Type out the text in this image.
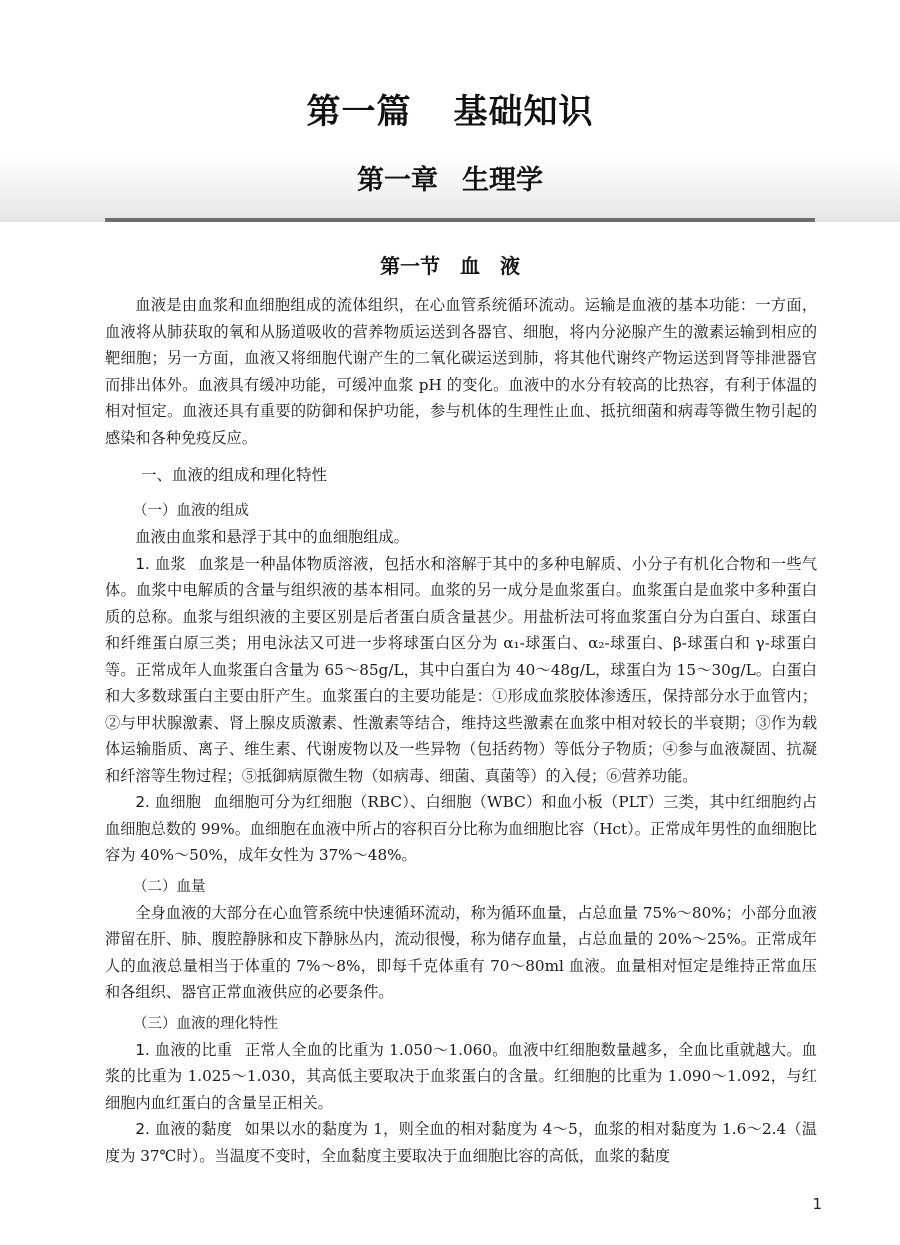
第一篇 基础知识
第一章 生理学
第一节 血　液

血液是由血浆和血细胞组成的流体组织，在心血管系统循环流动。运输是血液的基本功能：一方面，血液将从肺获取的氧和从肠道吸收的营养物质运送到各器官、细胞，将内分泌腺产生的激素运输到相应的靶细胞；另一方面，血液又将细胞代谢产生的二氧化碳运送到肺，将其他代谢终产物运送到肾等排泄器官而排出体外。血液具有缓冲功能，可缓冲血浆 pH 的变化。血液中的水分有较高的比热容，有利于体温的相对恒定。血液还具有重要的防御和保护功能，参与机体的生理性止血、抵抗细菌和病毒等微生物引起的感染和各种免疫反应。

一、血液的组成和理化特性
（一）血液的组成

血液由血浆和悬浮于其中的血细胞组成。

1. 血浆 血浆是一种晶体物质溶液，包括水和溶解于其中的多种电解质、小分子有机化合物和一些气体。血浆中电解质的含量与组织液的基本相同。血浆的另一成分是血浆蛋白。血浆蛋白是血浆中多种蛋白质的总称。血浆与组织液的主要区别是后者蛋白质含量甚少。用盐析法可将血浆蛋白分为白蛋白、球蛋白和纤维蛋白原三类；用电泳法又可进一步将球蛋白区分为 α₁-球蛋白、α₂-球蛋白、β-球蛋白和 γ-球蛋白等。正常成年人血浆蛋白含量为 65～85g/L，其中白蛋白为 40～48g/L，球蛋白为 15～30g/L。白蛋白和大多数球蛋白主要由肝产生。血浆蛋白的主要功能是：①形成血浆胶体渗透压，保持部分水于血管内；②与甲状腺激素、肾上腺皮质激素、性激素等结合，维持这些激素在血浆中相对较长的半衰期；③作为载体运输脂质、离子、维生素、代谢废物以及一些异物（包括药物）等低分子物质；④参与血液凝固、抗凝和纤溶等生物过程；⑤抵御病原微生物（如病毒、细菌、真菌等）的入侵；⑥营养功能。

2. 血细胞 血细胞可分为红细胞（RBC）、白细胞（WBC）和血小板（PLT）三类，其中红细胞约占血细胞总数的 99%。血细胞在血液中所占的容积百分比称为血细胞比容（Hct）。正常成年男性的血细胞比容为 40%～50%，成年女性为 37%～48%。

（二）血量

全身血液的大部分在心血管系统中快速循环流动，称为循环血量，占总血量 75%～80%；小部分血液滞留在肝、肺、腹腔静脉和皮下静脉丛内，流动很慢，称为储存血量，占总血量的 20%～25%。正常成年人的血液总量相当于体重的 7%～8%，即每千克体重有 70～80ml 血液。血量相对恒定是维持正常血压和各组织、器官正常血液供应的必要条件。

（三）血液的理化特性

1. 血液的比重 正常人全血的比重为 1.050～1.060。血液中红细胞数量越多，全血比重就越大。血浆的比重为 1.025～1.030，其高低主要取决于血浆蛋白的含量。红细胞的比重为 1.090～1.092，与红细胞内血红蛋白的含量呈正相关。

2. 血液的黏度 如果以水的黏度为 1，则全血的相对黏度为 4～5，血浆的相对黏度为 1.6～2.4（温度为 37℃时）。当温度不变时，全血黏度主要取决于血细胞比容的高低，血浆的黏度

1
